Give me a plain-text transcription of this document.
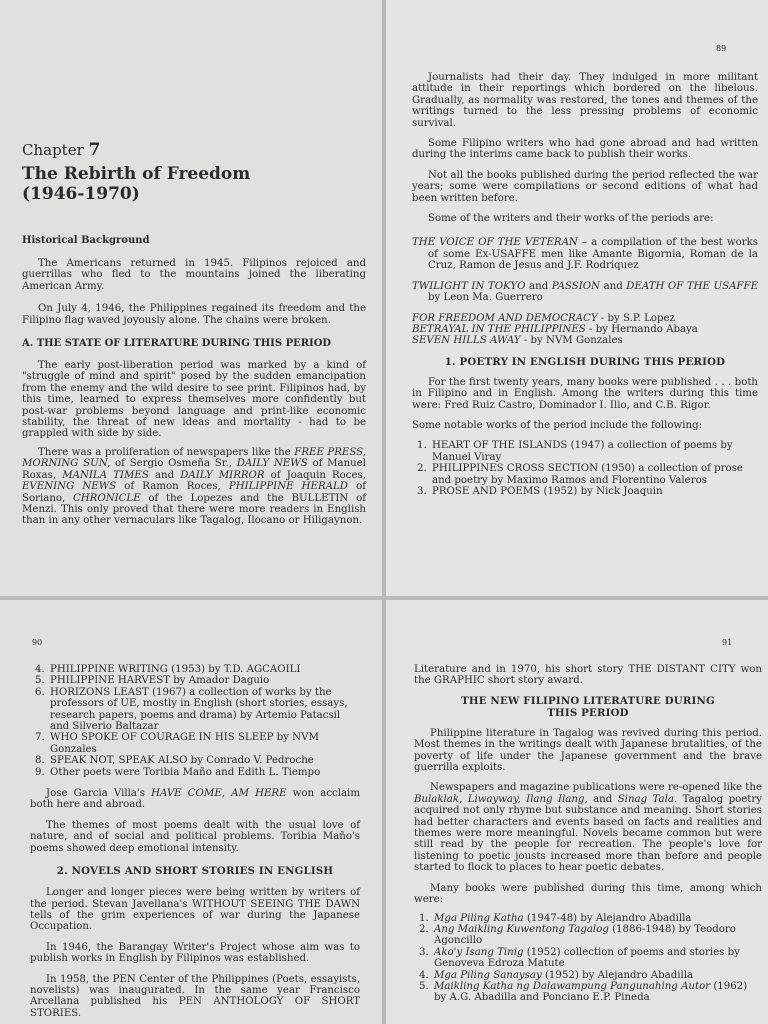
Chapter 7
The Rebirth of Freedom
(1946-1970)

Historical Background

The Americans returned in 1945. Filipinos rejoiced and guerrillas who fled to the mountains joined the liberating American Army.

On July 4, 1946, the Philippines regained its freedom and the Filipino flag waved joyously alone. The chains were broken.

A. THE STATE OF LITERATURE DURING THIS PERIOD

The early post-liberation period was marked by a kind of "struggle of mind and spirit" posed by the sudden emancipation from the enemy and the wild desire to see print. Filipinos had, by this time, learned to express themselves more confidently but post-war problems beyond language and print-like economic stability, the threat of new ideas and mortality - had to be grappled with side by side.

There was a proliferation of newspapers like the FREE PRESS, MORNING SUN, of Sergio Osmeña Sr., DAILY NEWS of Manuel Roxas, MANILA TIMES and DAILY MIRROR of Joaquin Roces, EVENING NEWS of Ramon Roces, PHILIPPINE HERALD of Soriano, CHRONICLE of the Lopezes and the BULLETIN of Menzi. This only proved that there were more readers in English than in any other vernaculars like Tagalog, Ilocano or Hiligaynon.

89

Journalists had their day. They indulged in more militant attitude in their reportings which bordered on the libelous. Gradually, as normality was restored, the tones and themes of the writings turned to the less pressing problems of economic survival.

Some Filipino writers who had gone abroad and had written during the interims came back to publish their works.

Not all the books published during the period reflected the war years; some were compilations or second editions of what had been written before.

Some of the writers and their works of the periods are:

THE VOICE OF THE VETERAN – a compilation of the best works of some Ex-USAFFE men like Amante Bigornia, Roman de la Cruz, Ramon de Jesus and J.F. Rodriquez

TWILIGHT IN TOKYO and PASSION and DEATH OF THE USAFFE by Leon Ma. Guerrero

FOR FREEDOM AND DEMOCRACY - by S.P. Lopez

BETRAYAL IN THE PHILIPPINES - by Hernando Abaya

SEVEN HILLS AWAY - by NVM Gonzales

1. POETRY IN ENGLISH DURING THIS PERIOD

For the first twenty years, many books were published . . . both in Filipino and in English. Among the writers during this time were: Fred Ruiz Castro, Dominador I. Ilio, and C.B. Rigor.

Some notable works of the period include the following:

1. HEART OF THE ISLANDS (1947) a collection of poems by Manuel Viray
2. PHILIPPINES CROSS SECTION (1950) a collection of prose and poetry by Maximo Ramos and Florentino Valeros
3. PROSE AND POEMS (1952) by Nick Joaquin
90
4. PHILIPPINE WRITING (1953) by T.D. AGCAOILI
5. PHILIPPINE HARVEST by Amador Daguio
6. HORIZONS LEAST (1967) a collection of works by the professors of UE, mostly in English (short stories, essays, research papers, poems and drama) by Artemio Patacsil and Silverio Baltazar
7. WHO SPOKE OF COURAGE IN HIS SLEEP by NVM Gonzales
8. SPEAK NOT, SPEAK ALSO by Conrado V. Pedroche
9. Other poets were Toribia Maño and Edith L. Tiempo

Jose Garcia Villa's HAVE COME, AM HERE won acclaim both here and abroad.

The themes of most poems dealt with the usual love of nature, and of social and political problems. Toribia Maño's poems showed deep emotional intensity.

2. NOVELS AND SHORT STORIES IN ENGLISH

Longer and longer pieces were being written by writers of the period. Stevan Javellana's WITHOUT SEEING THE DAWN tells of the grim experiences of war during the Japanese Occupation.

In 1946, the Barangay Writer's Project whose aim was to publish works in English by Filipinos was established.

In 1958, the PEN Center of the Philippines (Poets, essayists, novelists) was inaugurated. In the same year Francisco Arcellana published his PEN ANTHOLOGY OF SHORT STORIES.

91

Literature and in 1970, his short story THE DISTANT CITY won the GRAPHIC short story award.

THE NEW FILIPINO LITERATURE DURING
THIS PERIOD

Philippine literature in Tagalog was revived during this period. Most themes in the writings dealt with Japanese brutalities, of the poverty of life under the Japanese government and the brave guerrilla exploits.

Newspapers and magazine publications were re-opened like the Bulaklak, Liwayway, Ilang Ilang, and Sinag Tala. Tagalog poetry acquired not only rhyme but substance and meaning. Short stories had better characters and events based on facts and realities and themes were more meaningful. Novels became common but were still read by the people for recreation. The people's love for listening to poetic jousts increased more than before and people started to flock to places to hear poetic debates.

Many books were published during this time, among which were:

1. Mga Piling Katha (1947-48) by Alejandro Abadilla
2. Ang Maikling Kuwentong Tagalog (1886-1948) by Teodoro Agoncillo
3. Ako'y Isang Tinig (1952) collection of poems and stories by Genoveva Edroza Matute
4. Mga Piling Sanaysay (1952) by Alejandro Abadilla
5. Maikling Katha ng Dalawampung Pangunahing Autor (1962) by A.G. Abadilla and Ponciano E.P. Pineda
